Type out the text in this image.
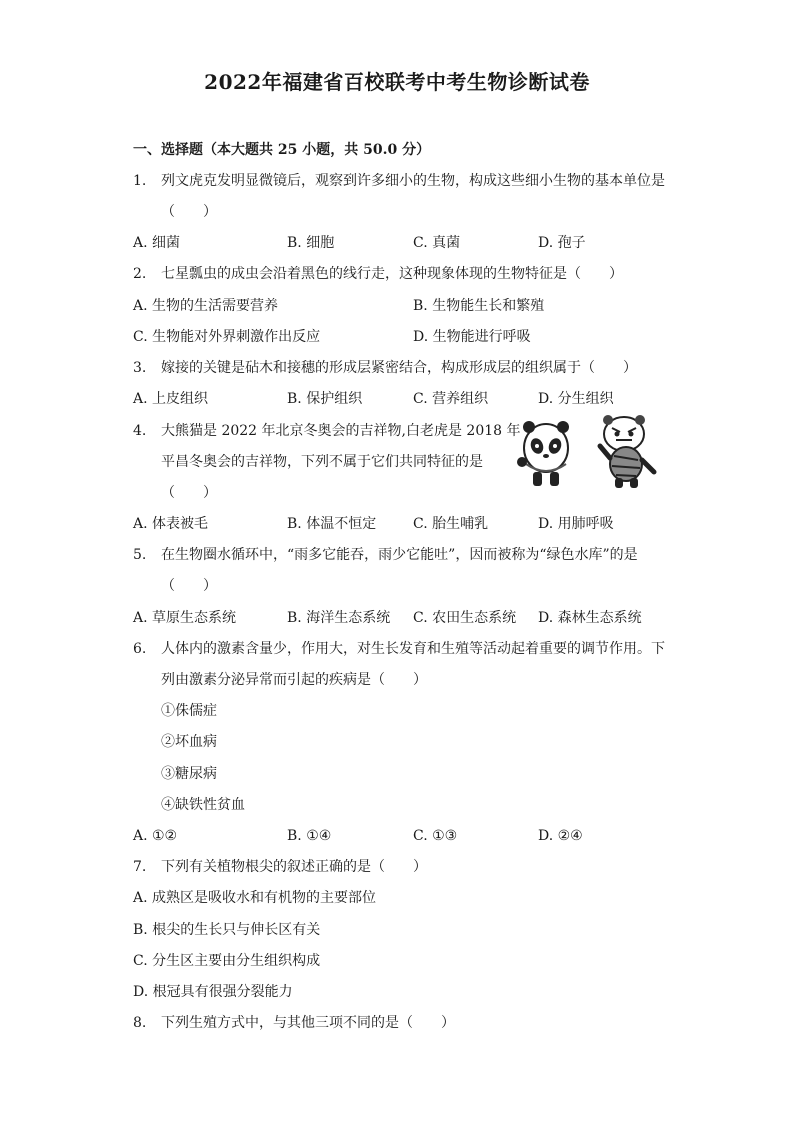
2022年福建省百校联考中考生物诊断试卷
一、选择题（本大题共 25 小题，共 50.0 分）
1. 列文虎克发明显微镜后，观察到许多细小的生物，构成这些细小生物的基本单位是
（　　）
A. 细菌	B. 细胞	C. 真菌	D. 孢子
2. 七星瓢虫的成虫会沿着黑色的线行走，这种现象体现的生物特征是（　　）
A. 生物的生活需要营养	B. 生物能生长和繁殖
C. 生物能对外界刺激作出反应	D. 生物能进行呼吸
3. 嫁接的关键是砧木和接穗的形成层紧密结合，构成形成层的组织属于（　　）
A. 上皮组织	B. 保护组织	C. 营养组织	D. 分生组织
4. 大熊猫是 2022 年北京冬奥会的吉祥物,白老虎是 2018 年
平昌冬奥会的吉祥物，下列不属于它们共同特征的是
（　　）
A. 体表被毛	B. 体温不恒定	C. 胎生哺乳	D. 用肺呼吸
5. 在生物圈水循环中，“雨多它能吞，雨少它能吐”，因而被称为“绿色水库”的是
（　　）
A. 草原生态系统	B. 海洋生态系统 C. 农田生态系统 D. 森林生态系统
6. 人体内的激素含量少，作用大，对生长发育和生殖等活动起着重要的调节作用。下
列由激素分泌异常而引起的疾病是（　　）
①侏儒症
②坏血病
③糖尿病
④缺铁性贫血
A. ①②	B. ①④	C. ①③	D. ②④
7. 下列有关植物根尖的叙述正确的是（　　）
A. 成熟区是吸收水和有机物的主要部位
B. 根尖的生长只与伸长区有关
C. 分生区主要由分生组织构成
D. 根冠具有很强分裂能力
8. 下列生殖方式中，与其他三项不同的是（　　）
